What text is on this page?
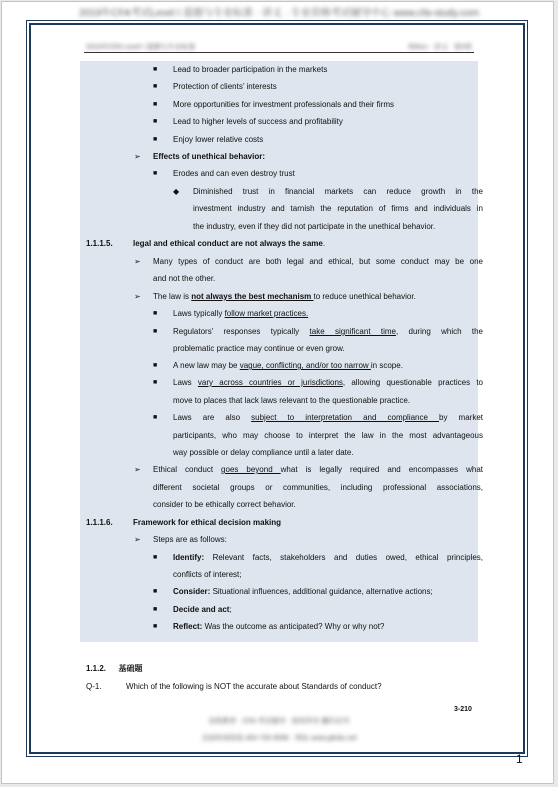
2019年CFA考试Level I 道德与专业标准 · 讲义 · 专业资格考试辅导中心 www.cfa-study.com
2019年CFA Level I 道德与专业标准	Ethics · 讲义 · 第3章
■ Lead to broader participation in the markets
■ Protection of clients’ interests
■ More opportunities for investment professionals and their firms
■ Lead to higher levels of success and profitability
■ Enjoy lower relative costs
➢ Effects of unethical behavior:
■ Erodes and can even destroy trust
◆ Diminished trust in financial markets can reduce growth in the
investment industry and tarnish the reputation of firms and individuals in
the industry, even if they did not participate in the unethical behavior.
1.1.1.5.	legal and ethical conduct are not always the same.
➢ Many types of conduct are both legal and ethical, but some conduct may be one
and not the other.
➢ The law is not always the best mechanism to reduce unethical behavior.
■ Laws typically follow market practices.
■ Regulators’ responses typically take significant time, during which the
problematic practice may continue or even grow.
■ A new law may be vague, conflicting, and/or too narrow in scope.
■ Laws vary across countries or jurisdictions, allowing questionable practices to
move to places that lack laws relevant to the questionable practice.
■ Laws are also subject to interpretation and compliance by market
participants, who may choose to interpret the law in the most advantageous
way possible or delay compliance until a later date.
➢ Ethical conduct goes beyond what is legally required and encompasses what
different societal groups or communities, including professional associations,
consider to be ethically correct behavior.
1.1.1.6.	Framework for ethical decision making
➢ Steps are as follows:
■ Identify: Relevant facts, stakeholders and duties owed, ethical principles,
conflicts of interest;
■ Consider: Situational influences, additional guidance, alternative actions;
■ Decide and act;
■ Reflect: Was the outcome as anticipated? Why or why not?
1.1.2. 基础题
Q-1.	Which of the following is NOT the accurate about Standards of conduct?
3-210
金程教育 · CFA 考试辅导 · 版权所有 翻印必究
全国咨询热线 400-700-9596 · 网址 www.gfedu.net
1
